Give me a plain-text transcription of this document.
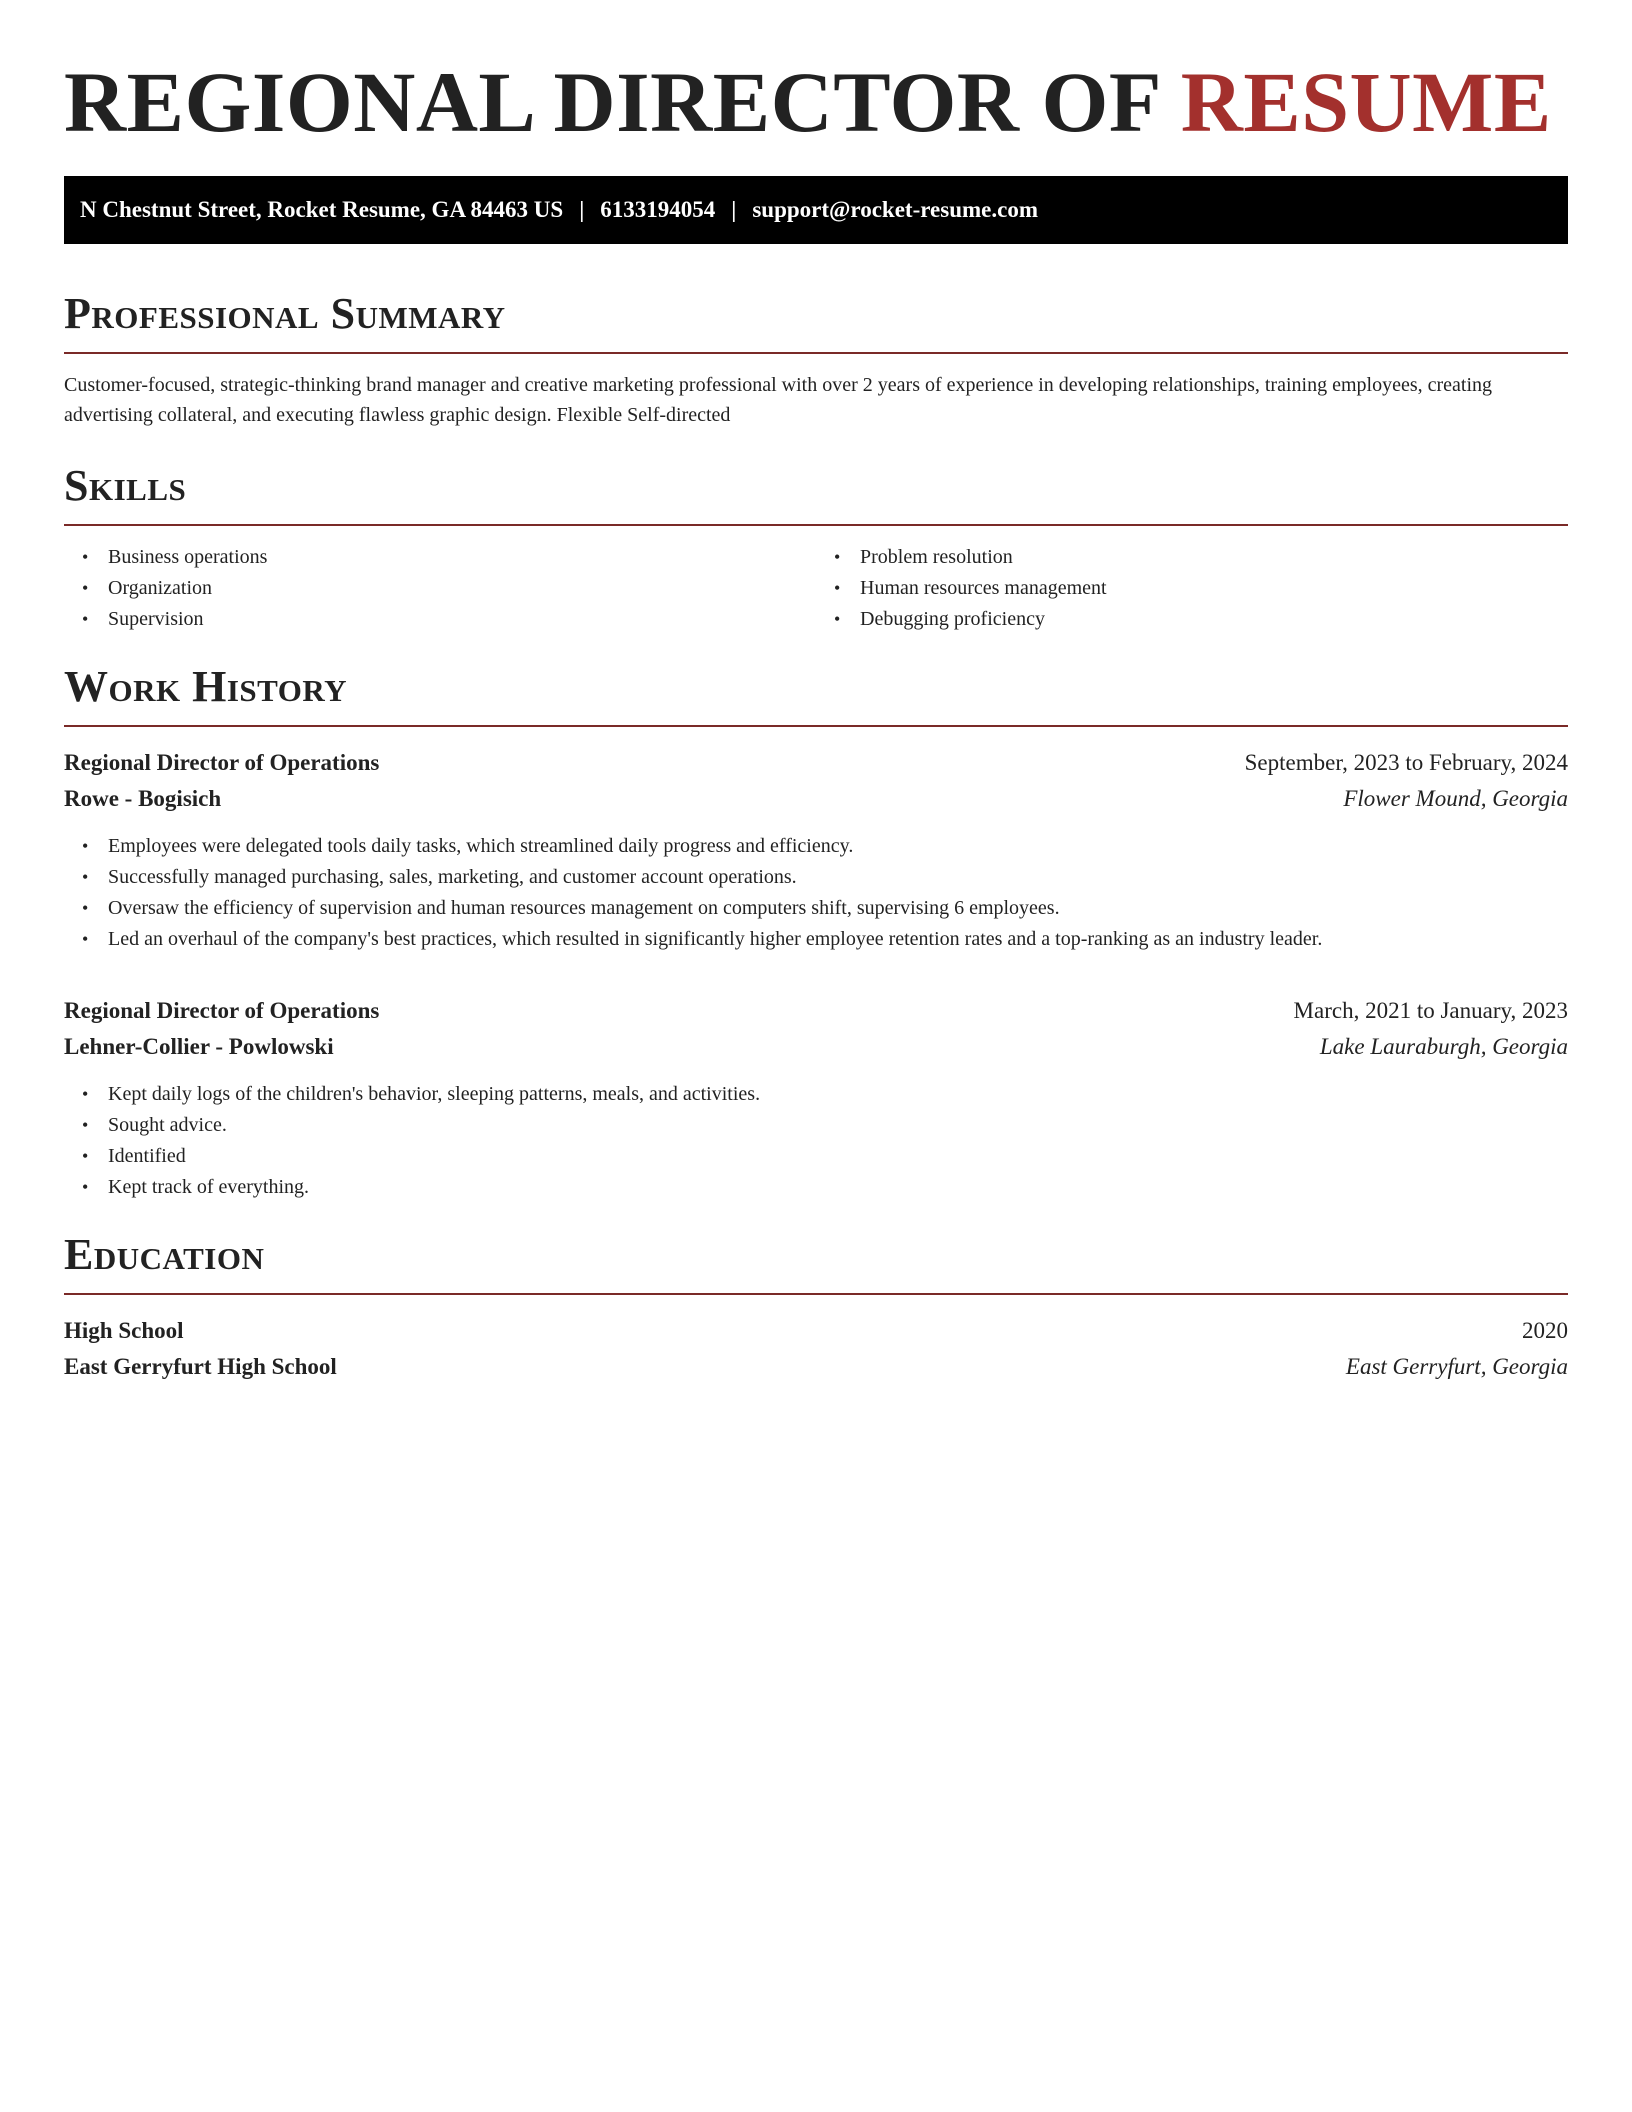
REGIONAL DIRECTOR OF RESUME
N Chestnut Street, Rocket Resume, GA 84463 US | 6133194054 | support@rocket-resume.com
Professional Summary

Customer-focused, strategic-thinking brand manager and creative marketing professional with over 2 years of experience in developing relationships, training employees, creating advertising collateral, and executing flawless graphic design. Flexible Self-directed

Skills
• Business operations
• Organization
• Supervision
• Problem resolution
• Human resources management
• Debugging proficiency
Work History
Regional Director of Operations	September, 2023 to February, 2024
Rowe - Bogisich	Flower Mound, Georgia
• Employees were delegated tools daily tasks, which streamlined daily progress and efficiency.
• Successfully managed purchasing, sales, marketing, and customer account operations.
• Oversaw the efficiency of supervision and human resources management on computers shift, supervising 6 employees.
• Led an overhaul of the company's best practices, which resulted in significantly higher employee retention rates and a top-ranking as an industry leader.
Regional Director of Operations	March, 2021 to January, 2023
Lehner-Collier - Powlowski	Lake Lauraburgh, Georgia
• Kept daily logs of the children's behavior, sleeping patterns, meals, and activities.
• Sought advice.
• Identified
• Kept track of everything.
Education
High School	2020
East Gerryfurt High School	East Gerryfurt, Georgia
